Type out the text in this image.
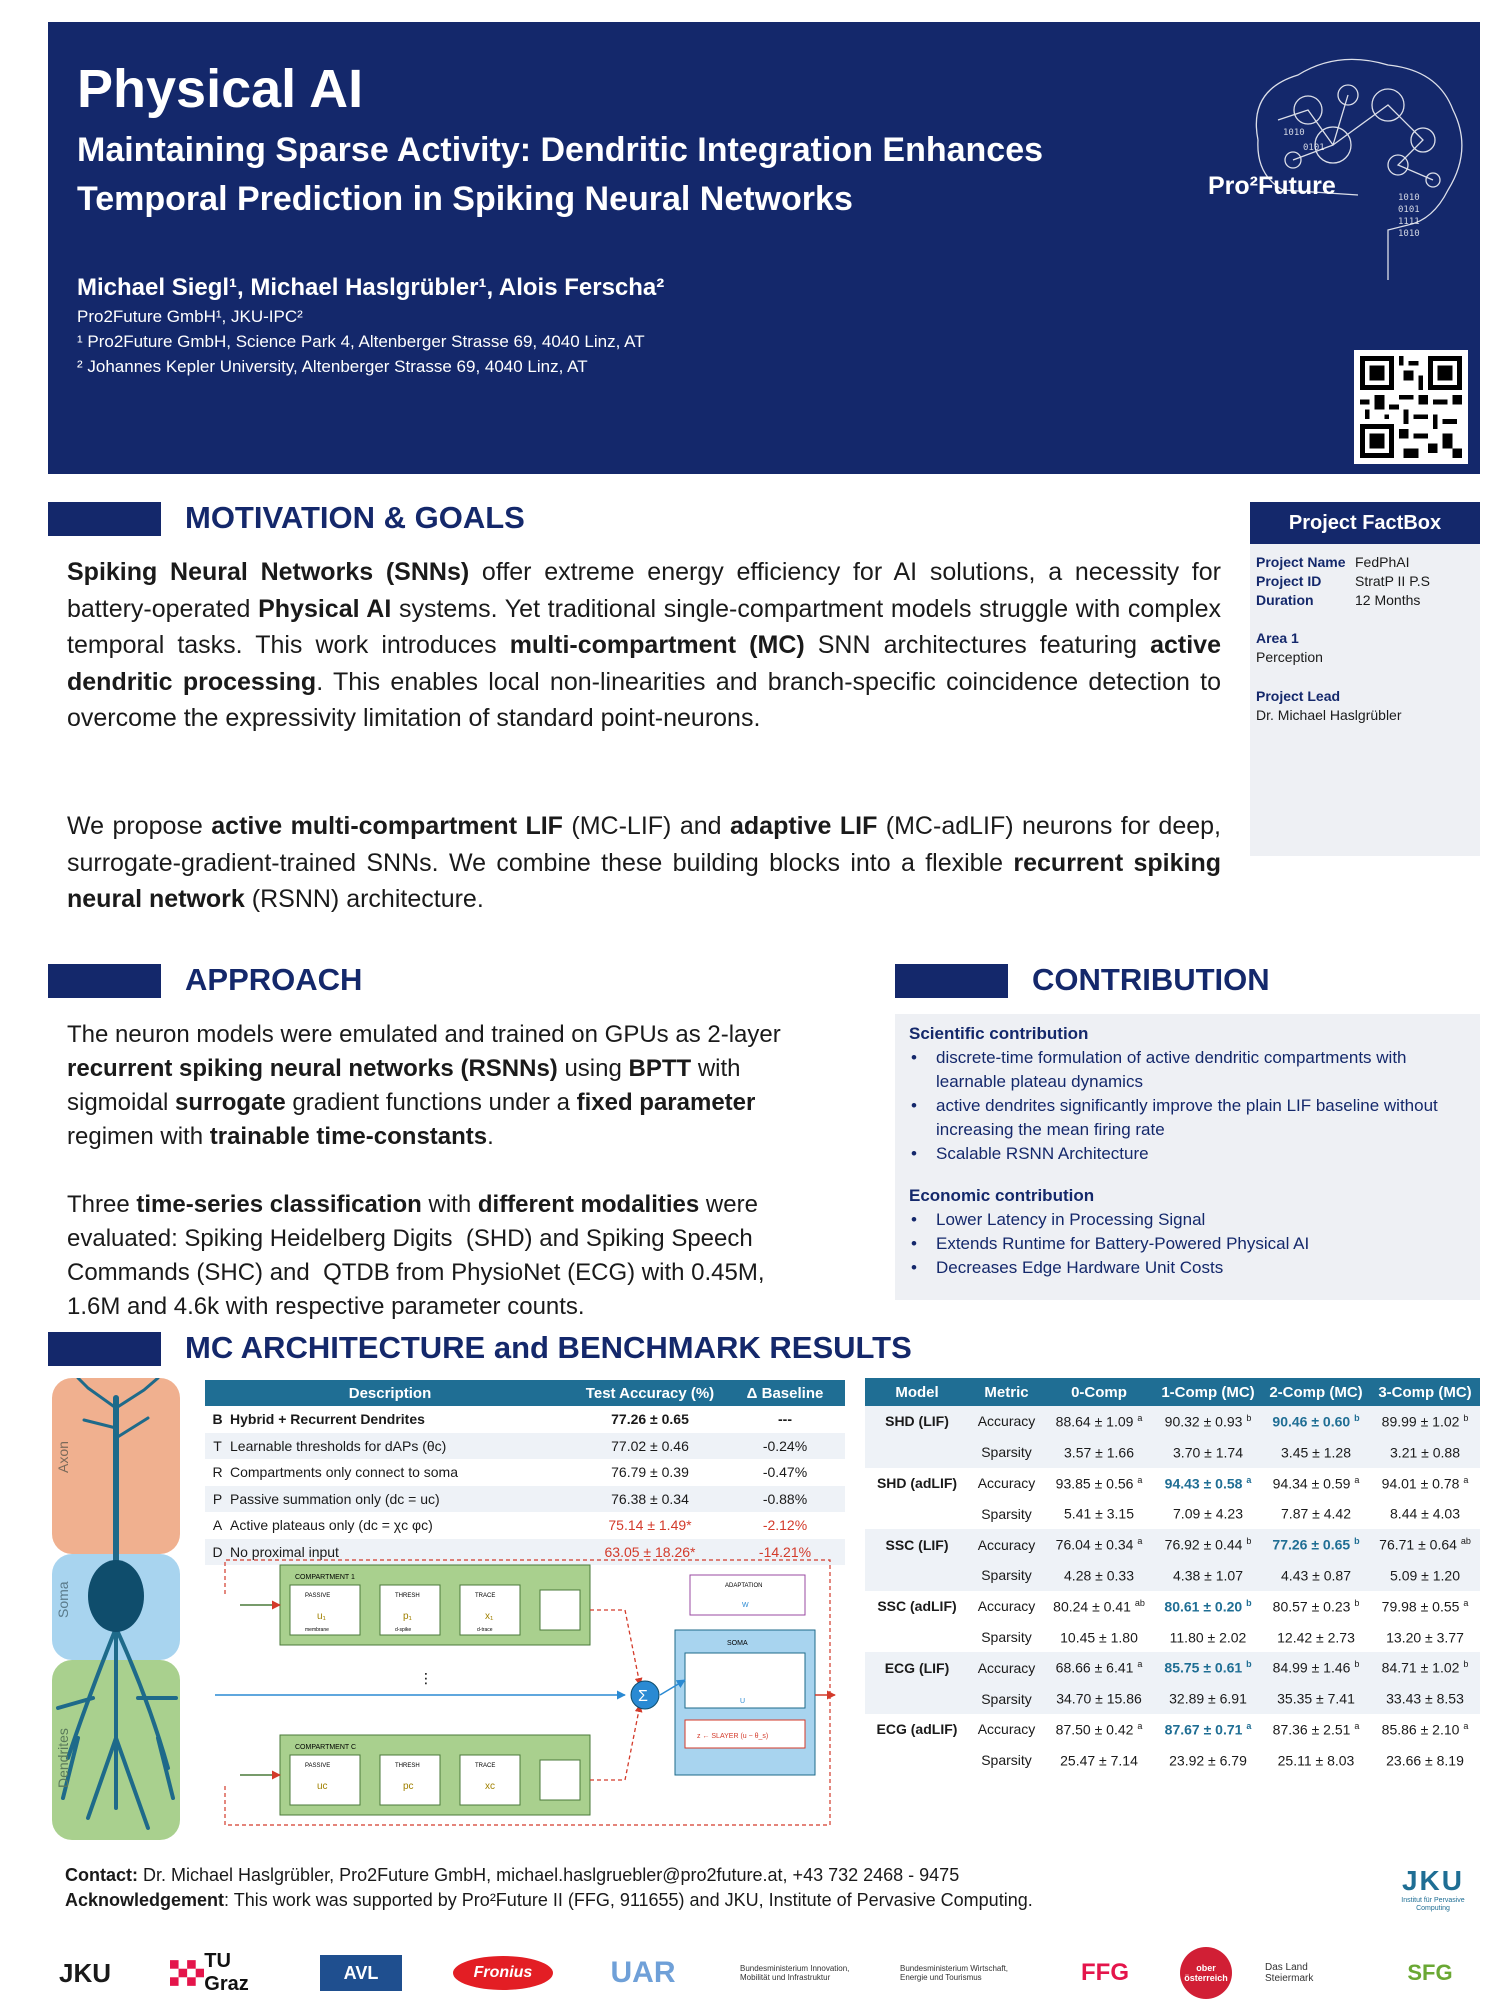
Physical AI
Maintaining Sparse Activity: Dendritic Integration Enhances
Temporal Prediction in Spiking Neural Networks
Michael Siegl¹, Michael Haslgrübler¹, Alois Ferscha²
Pro2Future GmbH¹, JKU-IPC²
¹ Pro2Future GmbH, Science Park 4, Altenberger Strasse 69, 4040 Linz, AT
² Johannes Kepler University, Altenberger Strasse 69, 4040 Linz, AT
1010
0101
1010
0101
1111
1010
Pro²Future
MOTIVATION & GOALS
Spiking Neural Networks (SNNs) offer extreme energy efficiency for AI solutions, a necessity for battery-operated Physical AI systems. Yet traditional single-compartment models struggle with complex temporal tasks. This work introduces multi-compartment (MC) SNN architectures featuring active dendritic processing. This enables local non-linearities and branch-specific coincidence detection to overcome the expressivity limitation of standard point-neurons.
We propose active multi-compartment LIF (MC-LIF) and adaptive LIF (MC-adLIF) neurons for deep, surrogate-gradient-trained SNNs. We combine these building blocks into a flexible recurrent spiking neural network (RSNN) architecture.
Project FactBox
Project Name FedPhAI
Project ID StratP II P.S
Duration	12 Months
Area 1
Perception
Project Lead
Dr. Michael Haslgrübler
APPROACH
The neuron models were emulated and trained on GPUs as 2-layer recurrent spiking neural networks (RSNNs) using BPTT with sigmoidal surrogate gradient functions under a fixed parameter regimen with trainable time-constants.
Three time-series classification with different modalities were evaluated: Spiking Heidelberg Digits  (SHD) and Spiking Speech Commands (SHC) and  QTDB from PhysioNet (ECG) with 0.45M, 1.6M and 4.6k with respective parameter counts.
CONTRIBUTION
Scientific contribution
• discrete-time formulation of active dendritic compartments with learnable plateau dynamics
• active dendrites significantly improve the plain LIF baseline without increasing the mean firing rate
• Scalable RSNN Architecture
Economic contribution
• Lower Latency in Processing Signal
• Extends Runtime for Battery-Powered Physical AI
• Decreases Edge Hardware Unit Costs
MC ARCHITECTURE and BENCHMARK RESULTS
Axon
Soma
Dendrites
Description		Test Accuracy (%)	Δ Baseline
B	Hybrid + Recurrent Dendrites	77.26 ± 0.65	---
T	Learnable thresholds for dAPs (θc)	77.02 ± 0.46	-0.24%
R	Compartments only connect to soma	76.79 ± 0.39	-0.47%
P	Passive summation only (dc = uc)	76.38 ± 0.34	-0.88%
A	Active plateaus only (dc = χc φc)	75.14 ± 1.49*	-2.12%
D	No proximal input	63.05 ± 18.26*	-14.21%
COMPARTMENT 1
PASSIVE
u₁
membrane
THRESH
p₁
d-spike
TRACE
x₁
d-trace
COMPARTMENT C
PASSIVE
uc
THRESH
pc
TRACE
xc
⋮
Σ
ADAPTATION
W
SOMA
U
z ← SLAYER (u − θ_s)
Model	Metric	0-Comp	1-Comp (MC)	2-Comp (MC)	3-Comp (MC)
SHD (LIF)	Accuracy	88.64 ± 1.09 $^a$	90.32 ± 0.93 $^b$	90.46 ± 0.60 $^b$	89.99 ± 1.02 $^b$
	Sparsity	3.57 ± 1.66	3.70 ± 1.74	3.45 ± 1.28	3.21 ± 0.88
SHD (adLIF)	Accuracy	93.85 ± 0.56 $^a$	94.43 ± 0.58 $^a$	94.34 ± 0.59 $^a$	94.01 ± 0.78 $^a$
	Sparsity	5.41 ± 3.15	7.09 ± 4.23	7.87 ± 4.42	8.44 ± 4.03
SSC (LIF)	Accuracy	76.04 ± 0.34 $^a$	76.92 ± 0.44 $^b$	77.26 ± 0.65 $^b$	76.71 ± 0.64 $^{ab}$
	Sparsity	4.28 ± 0.33	4.38 ± 1.07	4.43 ± 0.87	5.09 ± 1.20
SSC (adLIF)	Accuracy	80.24 ± 0.41 $^{ab}$	80.61 ± 0.20 $^b$	80.57 ± 0.23 $^b$	79.98 ± 0.55 $^a$
	Sparsity	10.45 ± 1.80	11.80 ± 2.02	12.42 ± 2.73	13.20 ± 3.77
ECG (LIF)	Accuracy	68.66 ± 6.41 $^a$	85.75 ± 0.61 $^b$	84.99 ± 1.46 $^b$	84.71 ± 1.02 $^b$
	Sparsity	34.70 ± 15.86	32.89 ± 6.91	35.35 ± 7.41	33.43 ± 8.53
ECG (adLIF)	Accuracy	87.50 ± 0.42 $^a$	87.67 ± 0.71 $^a$	87.36 ± 2.51 $^a$	85.86 ± 2.10 $^a$
	Sparsity	25.47 ± 7.14	23.92 ± 6.79	25.11 ± 8.03	23.66 ± 8.19
Contact: Dr. Michael Haslgrübler, Pro2Future GmbH, michael.haslgruebler@pro2future.at, +43 732 2468 - 9475
Acknowledgement: This work was supported by Pro²Future II (FFG, 911655) and JKU, Institute of Pervasive Computing.
JKU
Institut für Pervasive Computing
JKU	TU Graz
AVL	Fronius	UAR	Bundesministerium Innovation, Mobilität und Infrastruktur
Bundesministerium Wirtschaft, Energie und Tourismus	FFG	ober österreich
Das Land Steiermark	SFG
